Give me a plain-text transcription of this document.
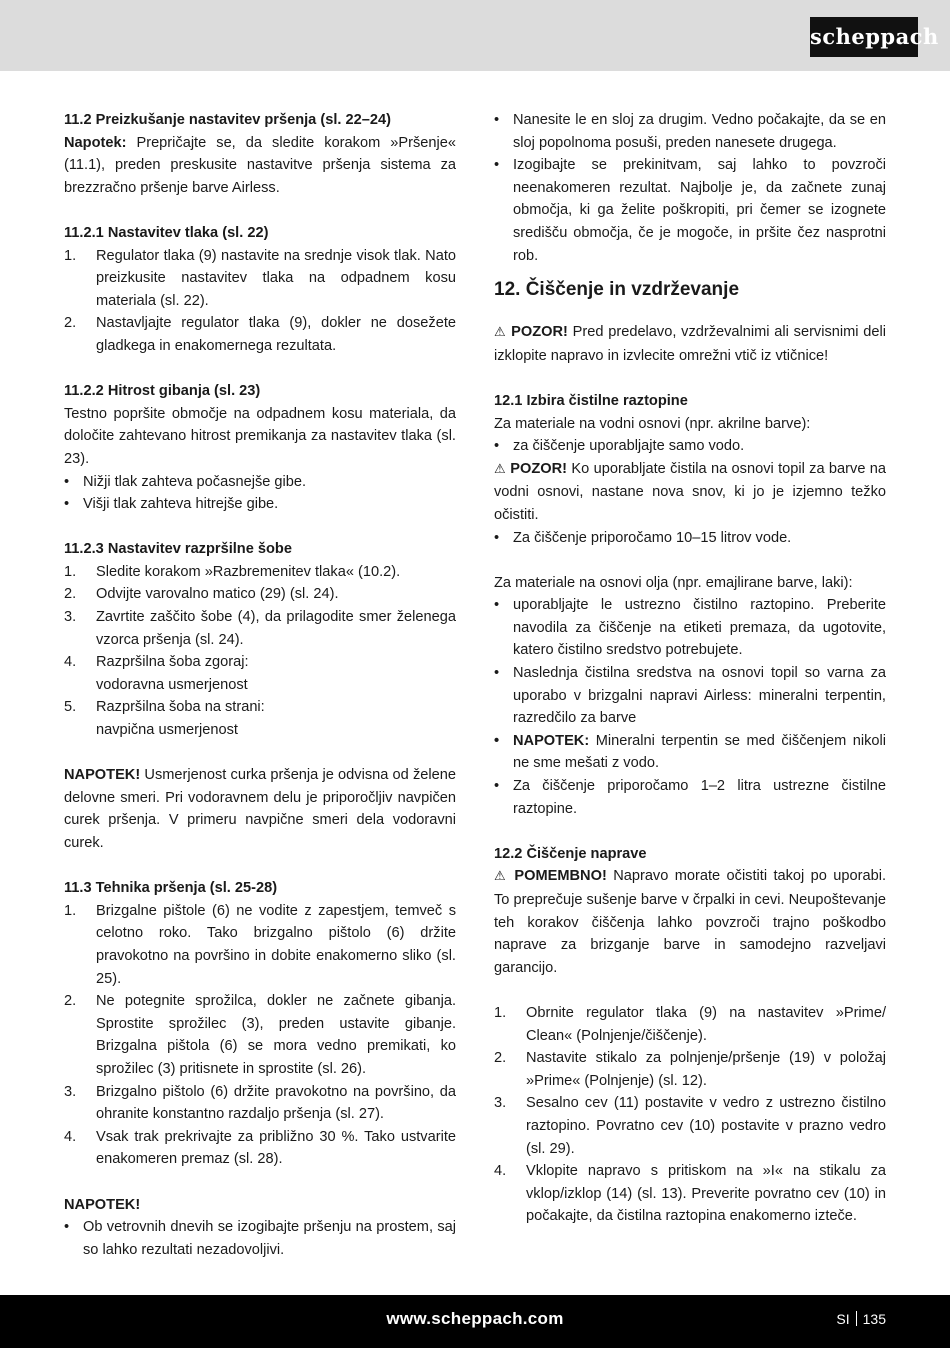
scheppach

11.2 Preizkušanje nastavitev pršenja (sl. 22–24)

Napotek: Prepričajte se, da sledite korakom »Pršenje« (11.1), preden preskusite nastavitve pršenja sistema za brezzračno pršenje barve Airless.

11.2.1 Nastavitev tlaka (sl. 22)

1.	Regulator tlaka (9) nastavite na srednje visok tlak. Nato preizkusite nastavitev tlaka na odpadnem kosu materiala (sl. 22).
2.	Nastavljajte regulator tlaka (9), dokler ne dosežete gladkega in enakomernega rezultata.

11.2.2 Hitrost gibanja (sl. 23)

Testno popršite območje na odpadnem kosu materiala, da določite zahtevano hitrost premikanja za nastavitev tlaka (sl. 23).

• Nižji tlak zahteva počasnejše gibe.
• Višji tlak zahteva hitrejše gibe.

11.2.3 Nastavitev razpršilne šobe

1.	Sledite korakom »Razbremenitev tlaka« (10.2).
2.	Odvijte varovalno matico (29) (sl. 24).
3.	Zavrtite zaščito šobe (4), da prilagodite smer želenega vzorca pršenja (sl. 24).
4.	Razpršilna šoba zgoraj:
vodoravna usmerjenost
5.	Razpršilna šoba na strani:
navpična usmerjenost

NAPOTEK! Usmerjenost curka pršenja je odvisna od želene delovne smeri. Pri vodoravnem delu je priporočljiv navpičen curek pršenja. V primeru navpične smeri dela vodoravni curek.

11.3 Tehnika pršenja (sl. 25-28)

1.	Brizgalne pištole (6) ne vodite z zapestjem, temveč s celotno roko. Tako brizgalno pištolo (6) držite pravokotno na površino in dobite enakomerno sliko (sl. 25).
2.	Ne potegnite sprožilca, dokler ne začnete gibanja. Sprostite sprožilec (3), preden ustavite gibanje. Brizgalna pištola (6) se mora vedno premikati, ko sprožilec (3) pritisnete in sprostite (sl. 26).
3.	Brizgalno pištolo (6) držite pravokotno na površino, da ohranite konstantno razdaljo pršenja (sl. 27).
4.	Vsak trak prekrivajte za približno 30 %. Tako ustvarite enakomeren premaz (sl. 28).

NAPOTEK!

• Ob vetrovnih dnevih se izogibajte pršenju na prostem, saj so lahko rezultati nezadovoljivi.
• Nanesite le en sloj za drugim. Vedno počakajte, da se en sloj popolnoma posuši, preden nanesete drugega.
• Izogibajte se prekinitvam, saj lahko to povzroči neenakomeren rezultat. Najbolje je, da začnete zunaj območja, ki ga želite poškropiti, pri čemer se izognete središču območja, če je mogoče, in pršite čez nasprotni rob.

12. Čiščenje in vzdrževanje

⚠ POZOR! Pred predelavo, vzdrževalnimi ali servisnimi deli izklopite napravo in izvlecite omrežni vtič iz vtičnice!

12.1 Izbira čistilne raztopine

Za materiale na vodni osnovi (npr. akrilne barve):

• za čiščenje uporabljajte samo vodo.

⚠ POZOR! Ko uporabljate čistila na osnovi topil za barve na vodni osnovi, nastane nova snov, ki jo je izjemno težko očistiti.

• Za čiščenje priporočamo 10–15 litrov vode.

Za materiale na osnovi olja (npr. emajlirane barve, laki):

• uporabljajte le ustrezno čistilno raztopino. Preberite navodila za čiščenje na etiketi premaza, da ugotovite, katero čistilno sredstvo potrebujete.
• Naslednja čistilna sredstva na osnovi topil so varna za uporabo v brizgalni napravi Airless: mineralni terpentin, razredčilo za barve
• NAPOTEK: Mineralni terpentin se med čiščenjem nikoli ne sme mešati z vodo.
• Za čiščenje priporočamo 1–2 litra ustrezne čistilne raztopine.

12.2 Čiščenje naprave

⚠ POMEMBNO! Napravo morate očistiti takoj po uporabi. To preprečuje sušenje barve v črpalki in cevi. Neupoštevanje teh korakov čiščenja lahko povzroči trajno poškodbo naprave za brizganje barve in samodejno razveljavi garancijo.

1.	Obrnite regulator tlaka (9) na nastavitev »Prime/ Clean« (Polnjenje/čiščenje).
2.	Nastavite stikalo za polnjenje/pršenje (19) v položaj »Prime« (Polnjenje) (sl. 12).
3.	Sesalno cev (11) postavite v vedro z ustrezno čistilno raztopino. Povratno cev (10) postavite v prazno vedro (sl. 29).
4.	Vklopite napravo s pritiskom na »I« na stikalu za vklop/izklop (14) (sl. 13). Preverite povratno cev (10) in počakajte, da čistilna raztopina enakomerno izteče.
www.scheppach.com	SI 135
